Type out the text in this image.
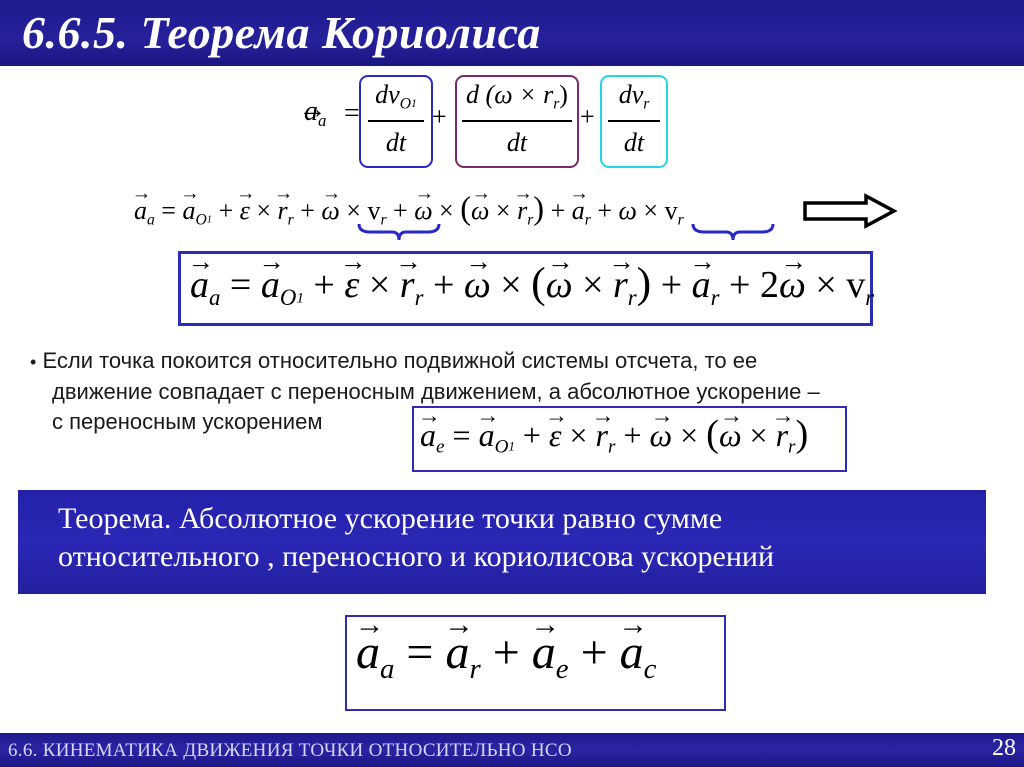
6.6.5. Теорема Кориолиса
→ $a_a$ =
$dv_{O1}$
dt
+
d $(\omega \times r_r)$
dt
+
$dv_r$
dt
→ $a_a$ = → $a_{O1}$ + → ε × → $r_r$ + → $\omega \times v_r$ + → ω × (→ ω × → $r_r$) + → $a_r + \omega \times v_r$
→ $a_a$ = → $a_{O1}$ + → ε × → $r_r$ + → ω × (→ ω × → $r_r$) + → $a_r + 2\to \omega \times v_r$
• Если точка покоится относительно подвижной системы отсчета, то ее
движение совпадает с переносным движением, а абсолютное ускорение –
с переносным ускорением	→ $a_e$ = → $a_{O1}$ + → ε × → $r_r$ + → ω × (→ ω × → $r_r$)
Теорема. Абсолютное ускорение точки равно сумме
относительного , переносного и кориолисова ускорений
→ $a_a$ = → $a_r$ + → $a_e$ + → $a_c$
6.6. КИНЕМАТИКА ДВИЖЕНИЯ ТОЧКИ ОТНОСИТЕЛЬНО НСО	28
